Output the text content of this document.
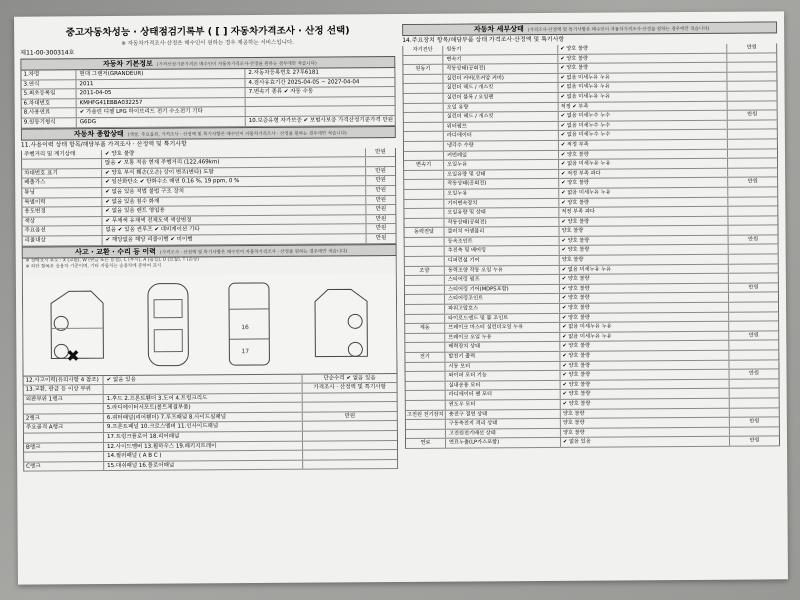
중고자동차성능 · 상태점검기록부 ( [ ] 자동차가격조사 · 산정 선택)
※ 자동차가격조사·산정은 매수인이 원하는 경우 제공하는 서비스입니다.
제11-00-300314호
자동차 기본정보 (가격산정기준가격은 매수인이 자동차가격조사·산정을 원하는 경우에만 적습니다)
1.차명	현대 그랜저(GRANDEUR)	2.자동차등록번호 27루6181
3.연식	2011	4.검사유효기간 2025-04-05 ~ 2027-04-04
5.최초등록일	2011-04-05	7.변속기 종류 ✔ 자동 수동
6.차대번호	KMHFG41EBBA032257
8.사용연료	✔ 가솔린 디젤 LPG 하이브리드 전기 수소전기 기타
9.원동기형식	G6DG	10.보증유형 자가보증 ✔ 보험사보증 가격산정기준가격 만원
자동차 종합상태 (색상, 주요옵션, 가격조사 · 산정액 및 특기사항은 매수인이 자동차가격조사 · 산정을 원하는 경우에만 적습니다)
11.사용이력 상태 항목/해당부품 가격조사 · 산정액 및 특기사항
주행거리 및 계기상태	✔ 양호 불량	만원
많음 ✔ 보통 적음 현재 주행거리 (122,469km)
차대번호 표기	✔ 양호 부식 훼손(오손) 상이 변조(변타) 도말	만원
배출가스	✔ 일산화탄소 ✔ 탄화수소 매연 0.16 %, 19 ppm, 0 %	만원
튜닝	✔ 없음 있음 적법 불법 구조 장치	만원
특별이력	✔ 없음 있음 침수 화재	만원
용도변경	✔ 없음 있음 렌트 영업용	만원
색상	✔ 무채색 유채색 전체도색 색상변경	만원
주요옵션	없음 ✔ 있음 썬루프 ✔ 네비게이션 기타	만원
리콜대상	✔ 해당없음 해당 리콜이행 ✔ 미이행	만원
사고 · 교환 · 수리 등 이력 (가격조사 · 산정액 및 특기사항은 매수인이 자동차가격조사 · 산정을 원하는 경우에만 적습니다)
※ 상태표시 부호 : X (교환), W (판금 또는 용접), C (부식), A (흠집), U (요철), T (손상)
※ 하단 항목은 승용차 기준이며, 기타 자동차는 승용차에 준하여 표시
✖
16
17
12.사고이력(유의사항 4 참조)	✔ 없음 있음	단순수리 ✔ 없음 있음
13.교환, 판금 등 이상 부위	가격조사 · 산정액 및 특기사항
외판부위 1랭크	1.후드 2.프론트휀더 3.도어 4.트렁크리드
5.라디에이터서포트(볼트체결부품)
2랭크	6.쿼터패널(리어휀더) 7.루프패널 8.사이드실패널	만원
주요골격 A랭크	9.프론트패널 10.크로스멤버 11.인사이드패널
17.트렁크플로어 18.리어패널
B랭크	12.사이드멤버 13.휠하우스 19.패키지트레이
14.필러패널 ( A B C )
C랭크	15.대쉬패널 16.플로어패널
자동차 세부상태 (가격조사·산정액 및 특기사항은 매수인이 자동차가격조사·산정을 원하는 경우에만 적습니다)
14.주요장치 항목/해당부품 상태 가격조사·산정액 및 특기사항
자기진단	원동기	✔ 양호 불량	만원
변속기	✔ 양호 불량
원동기	작동상태(공회전)	✔ 양호 불량
실린더 커버(로커암 커버)	✔ 없음 미세누유 누유
실린더 헤드 / 개스킷	✔ 없음 미세누유 누유
실린더 블록 / 오일팬	✔ 없음 미세누유 누유
오일 유량	적정 ✔ 부족
실린더 헤드 / 개스킷	✔ 없음 미세누수 누수	만원
워터펌프	✔ 없음 미세누수 누수
라디에이터	✔ 없음 미세누수 누수
냉각수 수량	✔ 적정 부족
커먼레일	✔ 양호 불량
변속기	오일누유	✔ 없음 미세누유 누유
오일유량 및 상태	✔ 적정 부족 과다
작동상태(공회전)	✔ 양호 불량	만원
오일누유	✔ 없음 미세누유 누유
기어변속장치	✔ 양호 불량
오일유량 및 상태	적정 부족 과다
작동상태(공회전)	✔ 양호 불량
동력전달	클러치 어셈블리	양호 불량
등속조인트	✔ 양호 불량	만원
추진축 및 베어링	✔ 양호 불량
디퍼런셜 기어	양호 불량
조향	동력조향 작동 오일 누유	✔ 없음 미세누유 누유
스티어링 펌프	✔ 양호 불량
스티어링 기어(MDPS포함)	✔ 양호 불량	만원
스티어링조인트	✔ 양호 불량
파워고압호스	✔ 양호 불량
타이로드엔드 및 볼 조인트	✔ 양호 불량
제동	브레이크 마스터 실린더오일 누유	✔ 없음 미세누유 누유
브레이크 오일 누유	✔ 없음 미세누유 누유	만원
배력장치 상태	✔ 양호 불량
전기	발전기 출력	✔ 양호 불량
시동 모터	✔ 양호 불량
와이퍼 모터 기능	✔ 양호 불량	만원
실내송풍 모터	✔ 양호 불량
라디에이터 팬 모터	✔ 양호 불량
윈도우 모터	✔ 양호 불량
고전원 전기장치 충전구 절연 상태	양호 불량
구동축전지 격리 상태	양호 불량	만원
고전원전기배선 상태	양호 불량
연료	연료누출(LP가스포함)	✔ 없음 있음	만원
